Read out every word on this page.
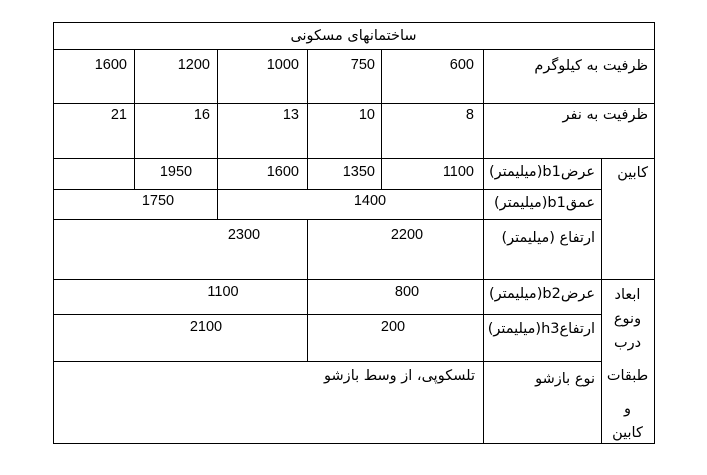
ساختمانهای مسکونی
ظرفیت به کیلوگرم
600
750
1000
1200
1600
ظرفیت به نفر
8
10
13
16
21
کابین
عرضb1(میلیمتر)
1100
1350
1600
1950
عمقb1(میلیمتر)
1400
1750
ارتفاع (میلیمتر)
2200
2300
ابعاد
ونوع
درب
طبقات
و
کابین
عرضb2(میلیمتر)
800
1100
ارتفاعh3(میلیمتر)
200
2100
نوع بازشو
تلسکوپی، از وسط بازشو
